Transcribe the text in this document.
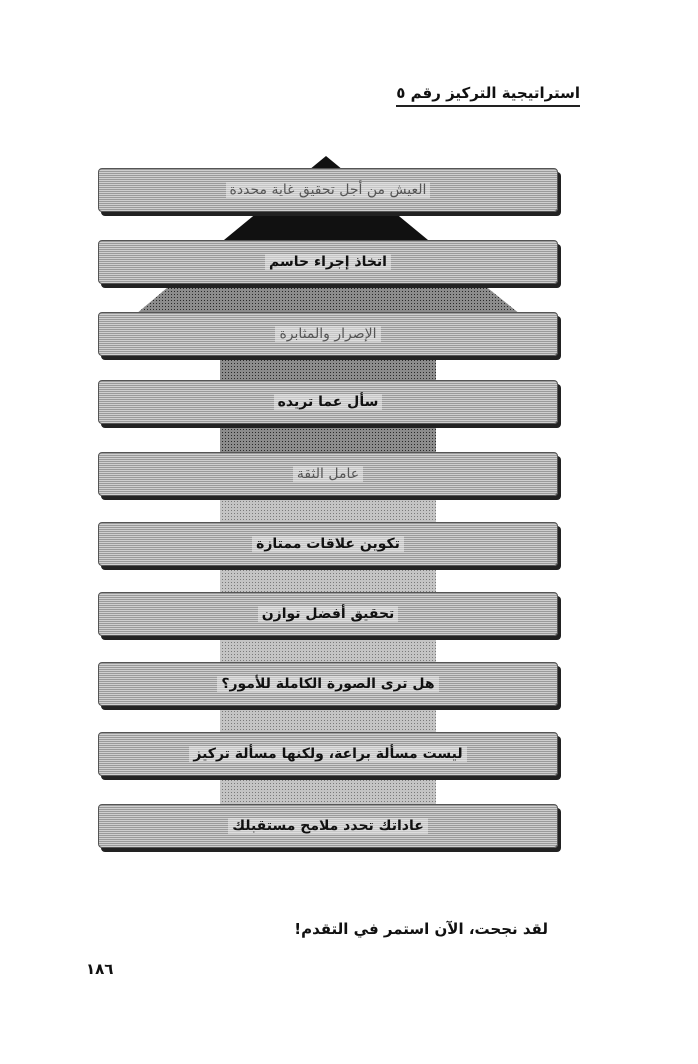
استراتيجية التركيز رقم ٥
العيش من أجل تحقيق غاية محددة
اتخاذ إجراء حاسم
الإصرار والمثابرة
سأل عما تريده
عامل الثقة
تكوين علاقات ممتازة
تحقيق أفضل توازن
هل ترى الصورة الكاملة للأمور؟
ليست مسألة براعة، ولكنها مسألة تركيز
عاداتك تحدد ملامح مستقبلك
لقد نجحت، الآن استمر في التقدم!
١٨٦
